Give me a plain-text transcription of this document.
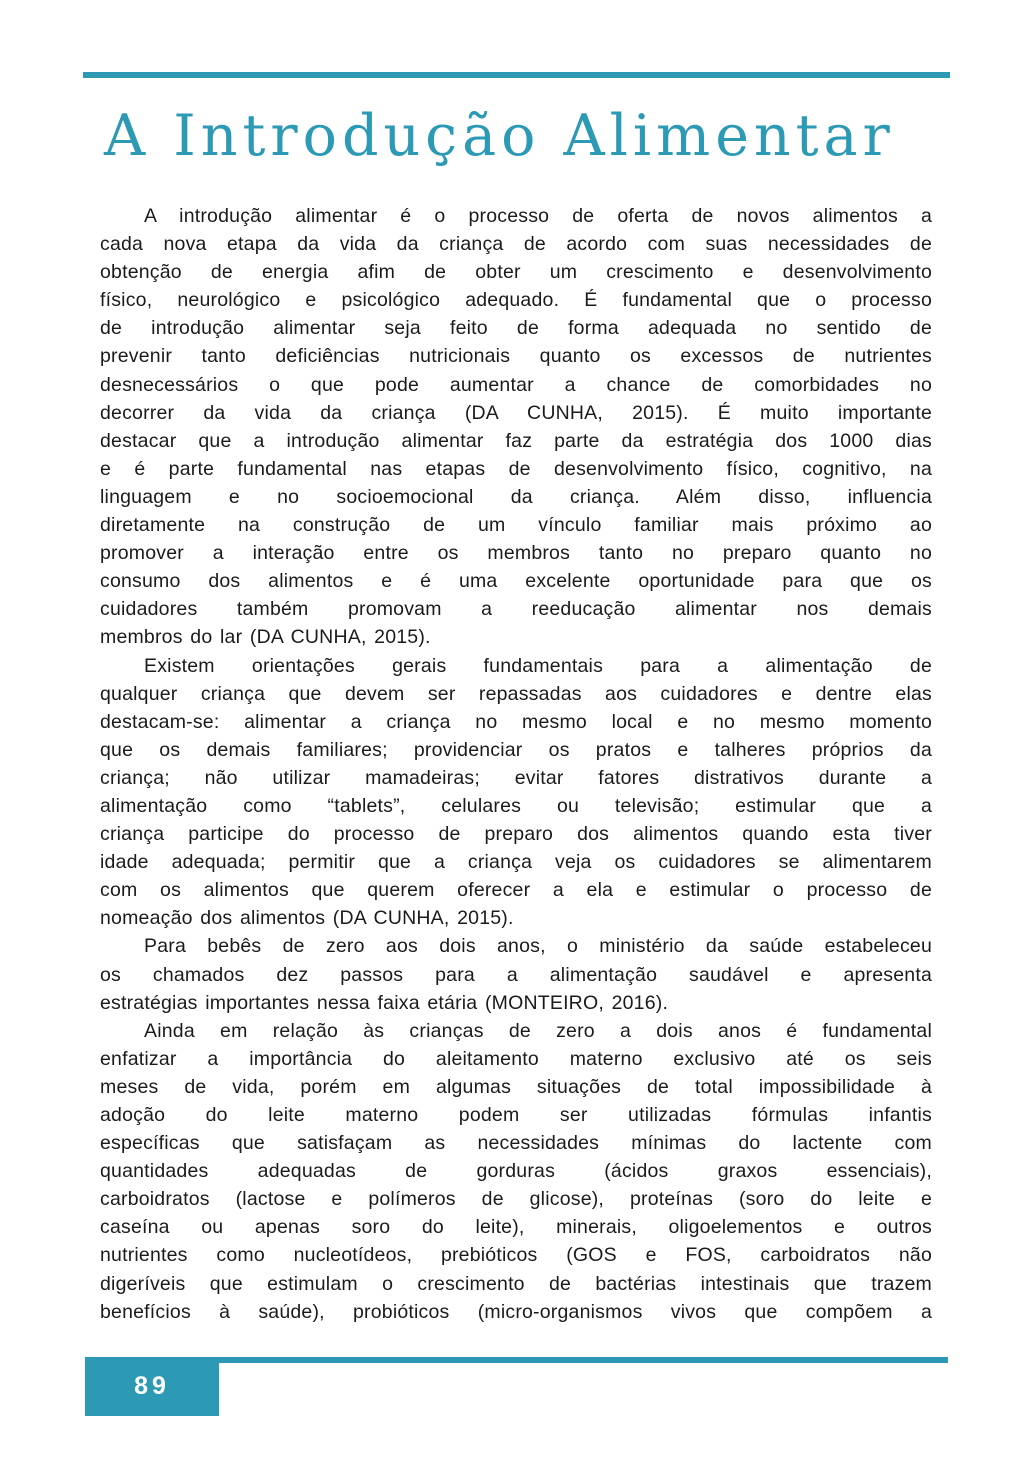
A Introdução Alimentar
A introdução alimentar é o processo de oferta de novos alimentos a
cada nova etapa da vida da criança de acordo com suas necessidades de
obtenção de energia afim de obter um crescimento e desenvolvimento
físico, neurológico e psicológico adequado. É fundamental que o processo
de introdução alimentar seja feito de forma adequada no sentido de
prevenir tanto deficiências nutricionais quanto os excessos de nutrientes
desnecessários o que pode aumentar a chance de comorbidades no
decorrer da vida da criança (DA CUNHA, 2015). É muito importante
destacar que a introdução alimentar faz parte da estratégia dos 1000 dias
e é parte fundamental nas etapas de desenvolvimento físico, cognitivo, na
linguagem e no socioemocional da criança. Além disso, influencia
diretamente na construção de um vínculo familiar mais próximo ao
promover a interação entre os membros tanto no preparo quanto no
consumo dos alimentos e é uma excelente oportunidade para que os
cuidadores também promovam a reeducação alimentar nos demais
membros do lar (DA CUNHA, 2015).
Existem orientações gerais fundamentais para a alimentação de
qualquer criança que devem ser repassadas aos cuidadores e dentre elas
destacam-se: alimentar a criança no mesmo local e no mesmo momento
que os demais familiares; providenciar os pratos e talheres próprios da
criança; não utilizar mamadeiras; evitar fatores distrativos durante a
alimentação como “tablets”, celulares ou televisão; estimular que a
criança participe do processo de preparo dos alimentos quando esta tiver
idade adequada; permitir que a criança veja os cuidadores se alimentarem
com os alimentos que querem oferecer a ela e estimular o processo de
nomeação dos alimentos (DA CUNHA, 2015).
Para bebês de zero aos dois anos, o ministério da saúde estabeleceu
os chamados dez passos para a alimentação saudável e apresenta
estratégias importantes nessa faixa etária (MONTEIRO, 2016).
Ainda em relação às crianças de zero a dois anos é fundamental
enfatizar a importância do aleitamento materno exclusivo até os seis
meses de vida, porém em algumas situações de total impossibilidade à
adoção do leite materno podem ser utilizadas fórmulas infantis
específicas que satisfaçam as necessidades mínimas do lactente com
quantidades adequadas de gorduras (ácidos graxos essenciais),
carboidratos (lactose e polímeros de glicose), proteínas (soro do leite e
caseína ou apenas soro do leite), minerais, oligoelementos e outros
nutrientes como nucleotídeos, prebióticos (GOS e FOS, carboidratos não
digeríveis que estimulam o crescimento de bactérias intestinais que trazem
benefícios à saúde), probióticos (micro-organismos vivos que compõem a
89
